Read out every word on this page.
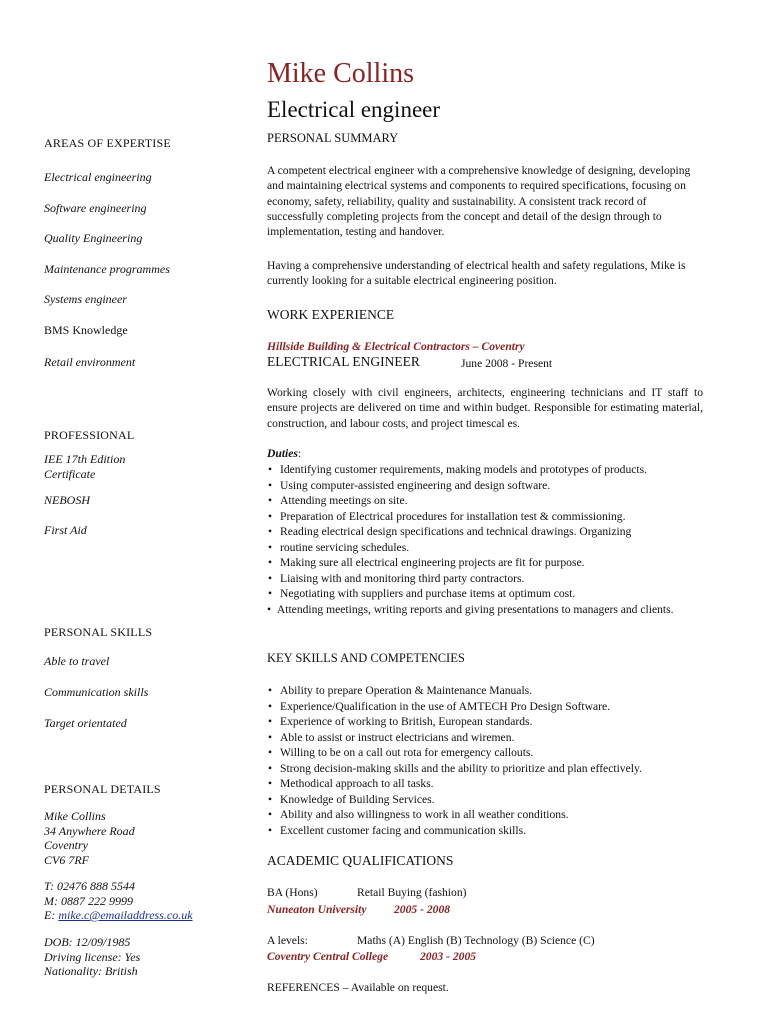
Mike Collins
Electrical engineer
AREAS OF EXPERTISE
Electrical engineering
Software engineering
Quality Engineering
Maintenance programmes
Systems engineer
BMS Knowledge
Retail environment
PROFESSIONAL
IEE 17th Edition Certificate
NEBOSH
First Aid
PERSONAL SKILLS
Able to travel
Communication skills
Target orientated
PERSONAL DETAILS
Mike Collins
34 Anywhere Road
Coventry
CV6 7RF
T: 02476 888 5544
M: 0887 222 9999
E: mike.c@emailaddress.co.uk
DOB: 12/09/1985
Driving license: Yes
Nationality: British
PERSONAL SUMMARY
A competent electrical engineer with a comprehensive knowledge of designing, developing and maintaining electrical systems and components to required specifications, focusing on economy, safety, reliability, quality and sustainability. A consistent track record of successfully completing projects from the concept and detail of the design through to implementation, testing and handover.
Having a comprehensive understanding of electrical health and safety regulations, Mike is currently looking for a suitable electrical engineering position.
WORK EXPERIENCE
Hillside Building & Electrical Contractors – Coventry
ELECTRICAL ENGINEER	June 2008 - Present
Working closely with civil engineers, architects, engineering technicians and IT staff to ensure projects are delivered on time and within budget. Responsible for estimating material, construction, and labour costs, and project timescal es.
Duties:
• Identifying customer requirements, making models and prototypes of products.
• Using computer-assisted engineering and design software.
• Attending meetings on site.
• Preparation of Electrical procedures for installation test & commissioning.
• Reading electrical design specifications and technical drawings. Organizing
• routine servicing schedules.
• Making sure all electrical engineering projects are fit for purpose.
• Liaising with and monitoring third party contractors.
• Negotiating with suppliers and purchase items at optimum cost.
•  Attending meetings, writing reports and giving presentations to managers and clients.
KEY SKILLS AND COMPETENCIES
• Ability to prepare Operation & Maintenance Manuals.
• Experience/Qualification in the use of AMTECH Pro Design Software.
• Experience of working to British, European standards.
• Able to assist or instruct electricians and wiremen.
• Willing to be on a call out rota for emergency callouts.
• Strong decision-making skills and the ability to prioritize and plan effectively.
• Methodical approach to all tasks.
• Knowledge of Building Services.
• Ability and also willingness to work in all weather conditions.
• Excellent customer facing and communication skills.
ACADEMIC QUALIFICATIONS
BA (Hons)	Retail Buying (fashion)
Nuneaton University 2005 - 2008
A levels:	Maths (A) English (B) Technology (B) Science (C)
Coventry Central College	2003 - 2005
REFERENCES – Available on request.
